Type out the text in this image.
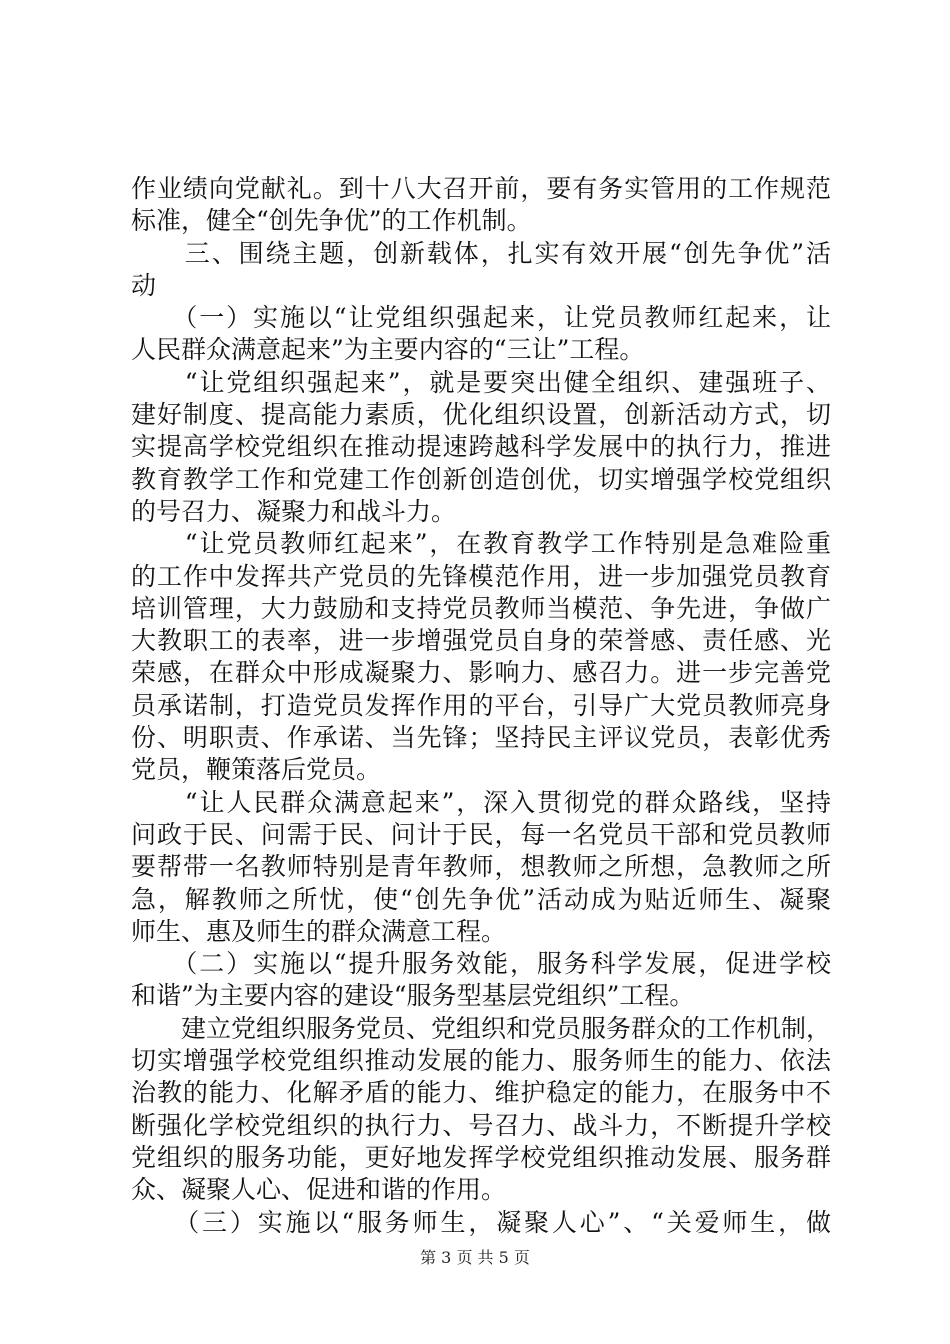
作业绩向党献礼。到十八大召开前，要有务实管用的工作规范
标准，健全“创先争优”的工作机制。
　　三、围绕主题，创新载体，扎实有效开展“创先争优”活
动
　　（一）实施以“让党组织强起来，让党员教师红起来，让
人民群众满意起来”为主要内容的“三让”工程。
　　“让党组织强起来”，就是要突出健全组织、建强班子、
建好制度、提高能力素质，优化组织设置，创新活动方式，切
实提高学校党组织在推动提速跨越科学发展中的执行力，推进
教育教学工作和党建工作创新创造创优，切实增强学校党组织
的号召力、凝聚力和战斗力。
　　“让党员教师红起来”，在教育教学工作特别是急难险重
的工作中发挥共产党员的先锋模范作用，进一步加强党员教育
培训管理，大力鼓励和支持党员教师当模范、争先进，争做广
大教职工的表率，进一步增强党员自身的荣誉感、责任感、光
荣感，在群众中形成凝聚力、影响力、感召力。进一步完善党
员承诺制，打造党员发挥作用的平台，引导广大党员教师亮身
份、明职责、作承诺、当先锋；坚持民主评议党员，表彰优秀
党员，鞭策落后党员。
　　“让人民群众满意起来”，深入贯彻党的群众路线，坚持
问政于民、问需于民、问计于民，每一名党员干部和党员教师
要帮带一名教师特别是青年教师，想教师之所想，急教师之所
急，解教师之所忧，使“创先争优”活动成为贴近师生、凝聚
师生、惠及师生的群众满意工程。
　　（二）实施以“提升服务效能，服务科学发展，促进学校
和谐”为主要内容的建设“服务型基层党组织”工程。
　　建立党组织服务党员、党组织和党员服务群众的工作机制，
切实增强学校党组织推动发展的能力、服务师生的能力、依法
治教的能力、化解矛盾的能力、维护稳定的能力，在服务中不
断强化学校党组织的执行力、号召力、战斗力，不断提升学校
党组织的服务功能，更好地发挥学校党组织推动发展、服务群
众、凝聚人心、促进和谐的作用。
　　（三）实施以“服务师生，凝聚人心”、“关爱师生，做
第 3 页 共 5 页
